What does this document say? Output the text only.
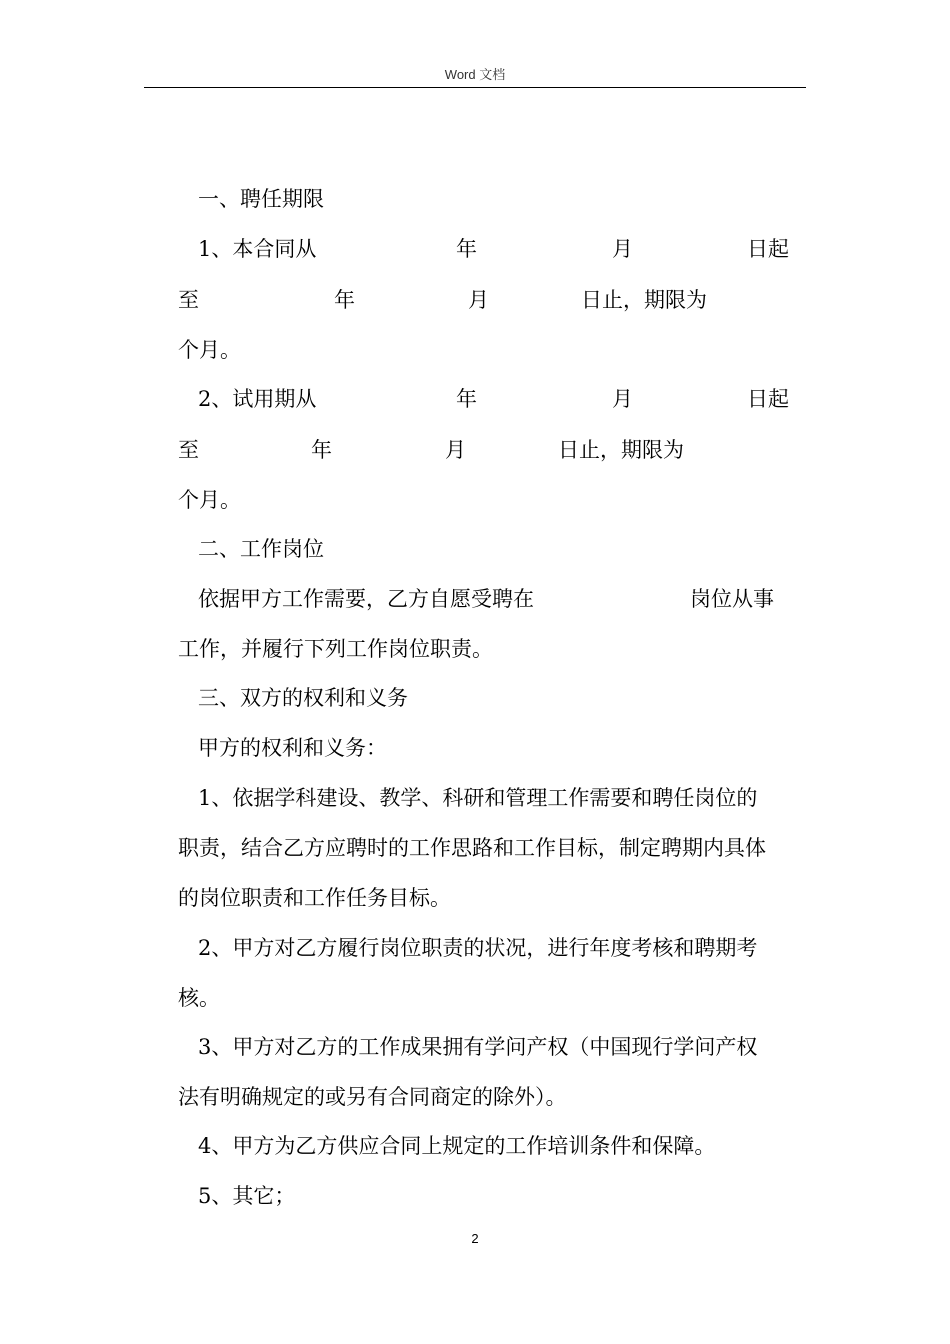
Word 文档
一、聘任期限
1、本合同从	年	月	日起
至	年	月	日止，期限为
个月。
2、试用期从	年	月	日起
至	年	月	日止，期限为
个月。
二、工作岗位
依据甲方工作需要，乙方自愿受聘在	岗位从事
工作，并履行下列工作岗位职责。
三、双方的权利和义务
甲方的权利和义务：
1、依据学科建设、教学、科研和管理工作需要和聘任岗位的
职责，结合乙方应聘时的工作思路和工作目标，制定聘期内具体
的岗位职责和工作任务目标。
2、甲方对乙方履行岗位职责的状况，进行年度考核和聘期考
核。
3、甲方对乙方的工作成果拥有学问产权（中国现行学问产权
法有明确规定的或另有合同商定的除外）。
4、甲方为乙方供应合同上规定的工作培训条件和保障。
5、其它；
2
